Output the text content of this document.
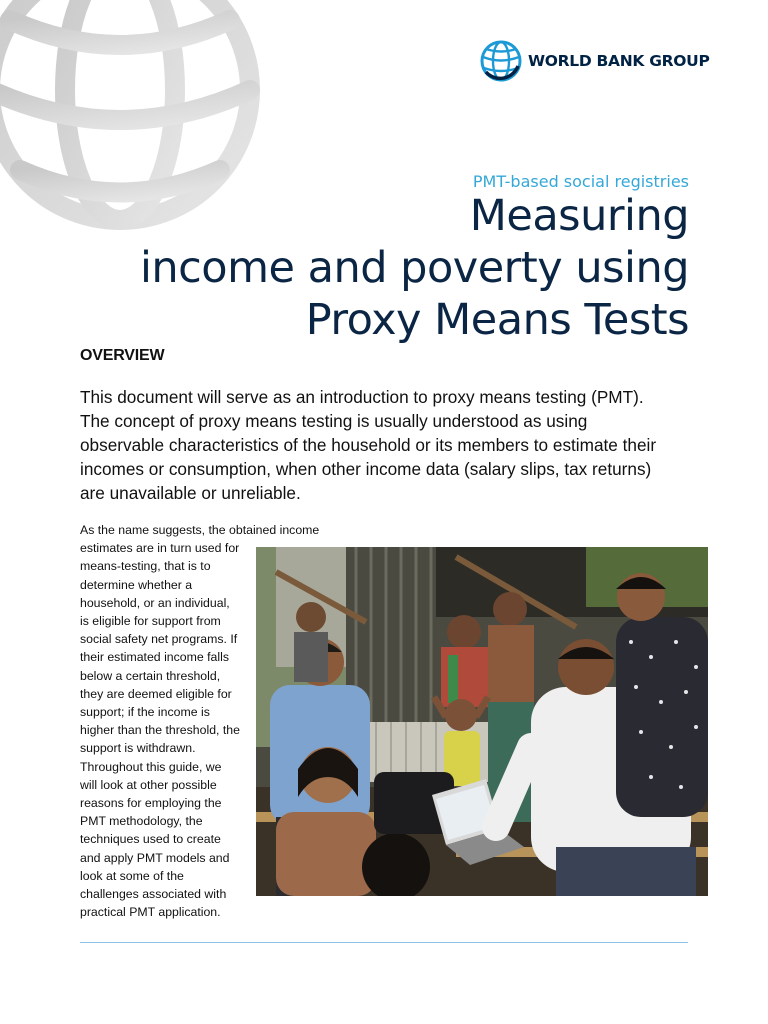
WORLD BANK GROUP
PMT-based social registries
Measuring
income and poverty using
Proxy Means Tests
OVERVIEW

This document will serve as an introduction to proxy means testing (PMT).
The concept of proxy means testing is usually understood as using
observable characteristics of the household or its members to estimate their
incomes or consumption, when other income data (salary slips, tax returns)
are unavailable or unreliable.

As the name suggests, the obtained income
estimates are in turn used for
means-testing, that is to
determine whether a
household, or an individual,
is eligible for support from
social safety net programs. If
their estimated income falls
below a certain threshold,
they are deemed eligible for
support; if the income is
higher than the threshold, the
support is withdrawn.
Throughout this guide, we
will look at other possible
reasons for employing the
PMT methodology, the
techniques used to create
and apply PMT models and
look at some of the
challenges associated with
practical PMT application.
